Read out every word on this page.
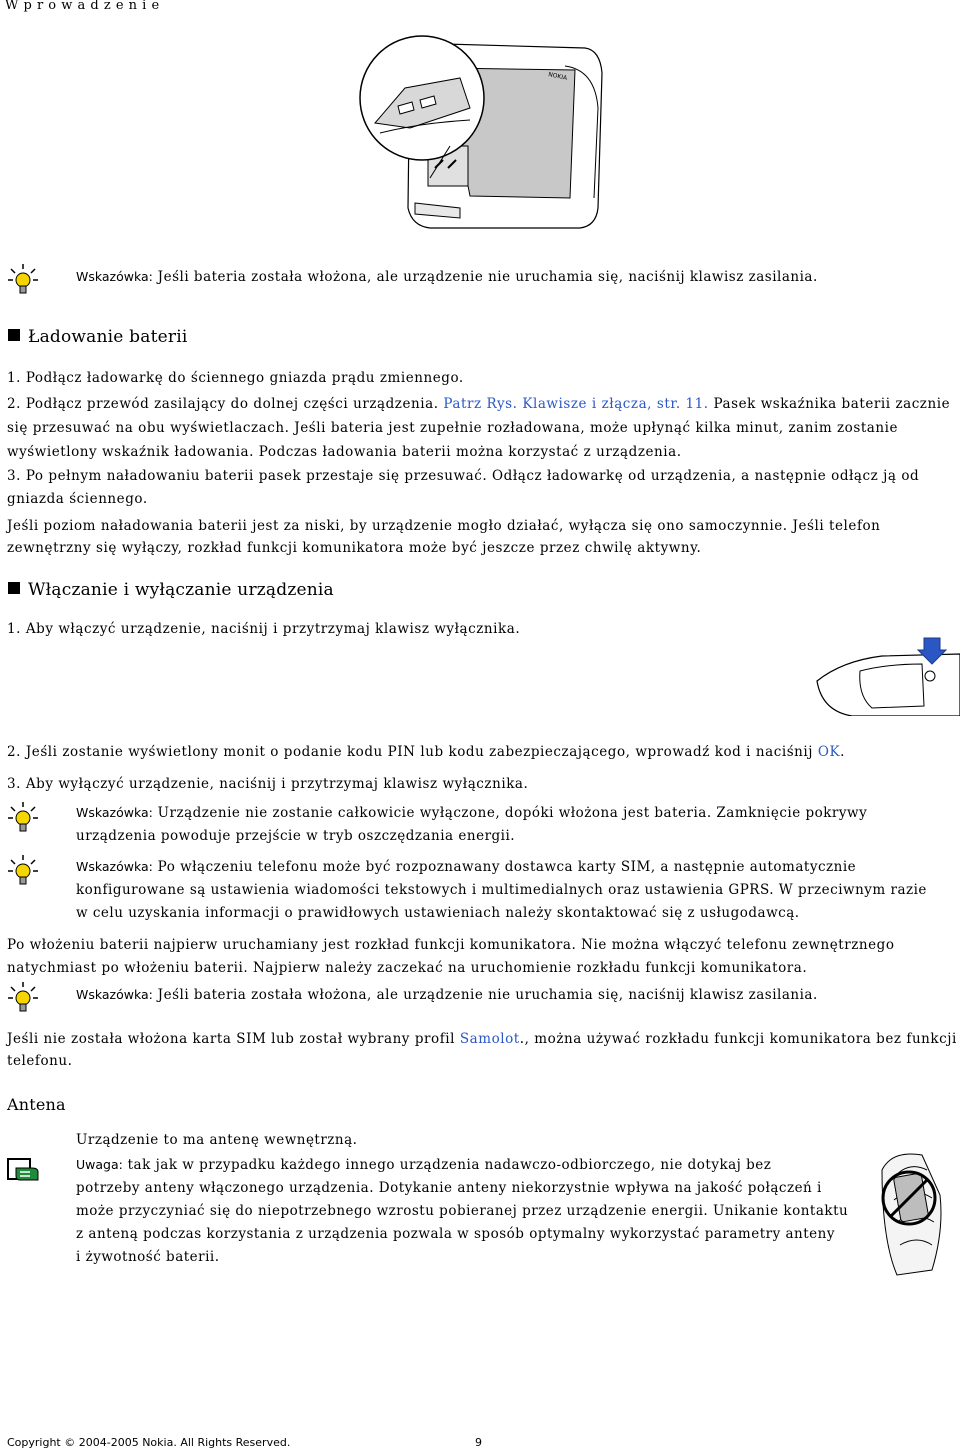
W p r o w a d z e n i e
NOKIA
Wskazówka: Jeśli bateria została włożona, ale urządzenie nie uruchamia się, naciśnij klawisz zasilania.
Ładowanie baterii
1. Podłącz ładowarkę do ściennego gniazda prądu zmiennego.
2. Podłącz przewód zasilający do dolnej części urządzenia. Patrz Rys. Klawisze i złącza, str. 11. Pasek wskaźnika baterii zacznie
się przesuwać na obu wyświetlaczach. Jeśli bateria jest zupełnie rozładowana, może upłynąć kilka minut, zanim zostanie
wyświetlony wskaźnik ładowania. Podczas ładowania baterii można korzystać z urządzenia.
3. Po pełnym naładowaniu baterii pasek przestaje się przesuwać. Odłącz ładowarkę od urządzenia, a następnie odłącz ją od
gniazda ściennego.
Jeśli poziom naładowania baterii jest za niski, by urządzenie mogło działać, wyłącza się ono samoczynnie. Jeśli telefon
zewnętrzny się wyłączy, rozkład funkcji komunikatora może być jeszcze przez chwilę aktywny.
Włączanie i wyłączanie urządzenia
1. Aby włączyć urządzenie, naciśnij i przytrzymaj klawisz wyłącznika.
2. Jeśli zostanie wyświetlony monit o podanie kodu PIN lub kodu zabezpieczającego, wprowadź kod i naciśnij OK.
3. Aby wyłączyć urządzenie, naciśnij i przytrzymaj klawisz wyłącznika.
Wskazówka: Urządzenie nie zostanie całkowicie wyłączone, dopóki włożona jest bateria. Zamknięcie pokrywy
urządzenia powoduje przejście w tryb oszczędzania energii.
Wskazówka: Po włączeniu telefonu może być rozpoznawany dostawca karty SIM, a następnie automatycznie
konfigurowane są ustawienia wiadomości tekstowych i multimedialnych oraz ustawienia GPRS. W przeciwnym razie
w celu uzyskania informacji o prawidłowych ustawieniach należy skontaktować się z usługodawcą.
Po włożeniu baterii najpierw uruchamiany jest rozkład funkcji komunikatora. Nie można włączyć telefonu zewnętrznego
natychmiast po włożeniu baterii. Najpierw należy zaczekać na uruchomienie rozkładu funkcji komunikatora.
Wskazówka: Jeśli bateria została włożona, ale urządzenie nie uruchamia się, naciśnij klawisz zasilania.
Jeśli nie została włożona karta SIM lub został wybrany profil Samolot., można używać rozkładu funkcji komunikatora bez funkcji
telefonu.
Antena
Urządzenie to ma antenę wewnętrzną.
Uwaga: tak jak w przypadku każdego innego urządzenia nadawczo-odbiorczego, nie dotykaj bez
potrzeby anteny włączonego urządzenia. Dotykanie anteny niekorzystnie wpływa na jakość połączeń i
może przyczyniać się do niepotrzebnego wzrostu pobieranej przez urządzenie energii. Unikanie kontaktu
z anteną podczas korzystania z urządzenia pozwala w sposób optymalny wykorzystać parametry anteny
i żywotność baterii.
Copyright © 2004-2005 Nokia. All Rights Reserved.	9
